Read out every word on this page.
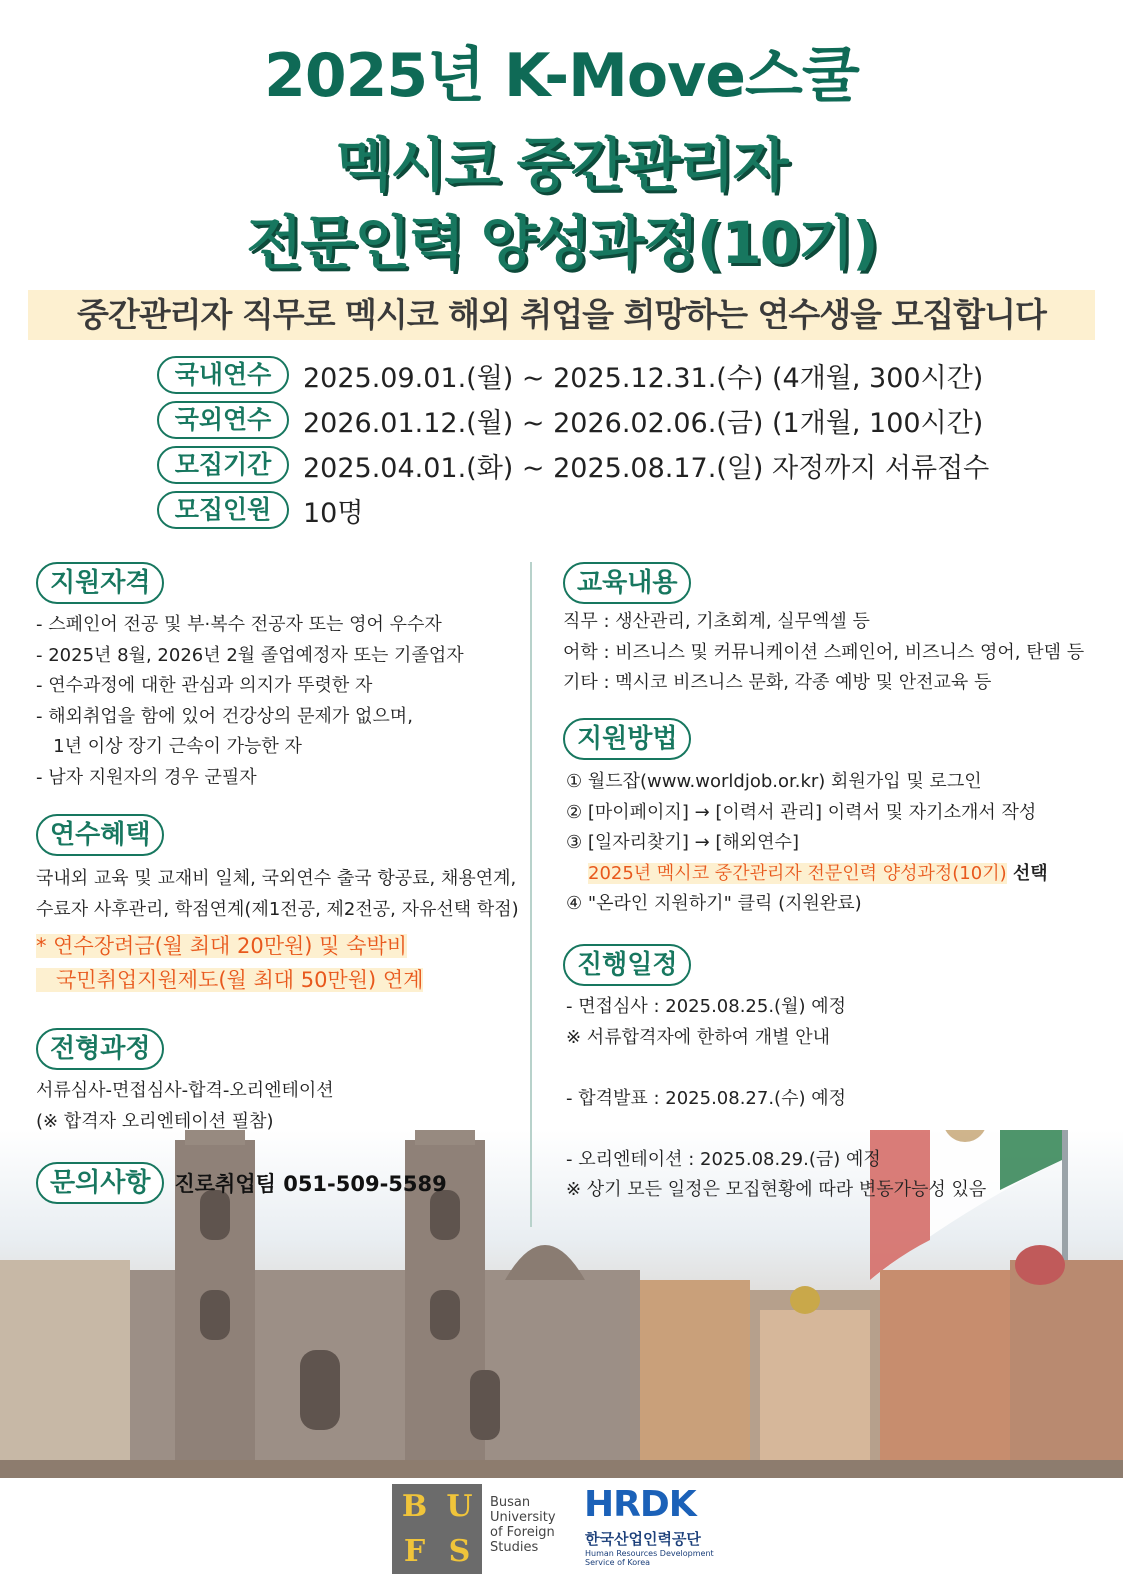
2025년 K-Move스쿨
멕시코 중간관리자
전문인력 양성과정(10기)
중간관리자 직무로 멕시코 해외 취업을 희망하는 연수생을 모집합니다
국내연수	2025.09.01.(월) ~ 2025.12.31.(수) (4개월, 300시간)
국외연수	2026.01.12.(월) ~ 2026.02.06.(금) (1개월, 100시간)
모집기간	2025.04.01.(화) ~ 2025.08.17.(일) 자정까지 서류접수
모집인원	10명
지원자격
- 스페인어 전공 및 부·복수 전공자 또는 영어 우수자
- 2025년 8월, 2026년 2월 졸업예정자 또는 기졸업자
- 연수과정에 대한 관심과 의지가 뚜렷한 자
- 해외취업을 함에 있어 건강상의 문제가 없으며,
1년 이상 장기 근속이 가능한 자
- 남자 지원자의 경우 군필자
연수혜택
국내외 교육 및 교재비 일체, 국외연수 출국 항공료, 채용연계,
수료자 사후관리, 학점연계(제1전공, 제2전공, 자유선택 학점)
* 연수장려금(월 최대 20만원) 및 숙박비
국민취업지원제도(월 최대 50만원) 연계
전형과정
서류심사-면접심사-합격-오리엔테이션
(※ 합격자 오리엔테이션 필참)
문의사항	진로취업팀 051-509-5589
교육내용
직무 : 생산관리, 기초회계, 실무엑셀 등
어학 : 비즈니스 및 커뮤니케이션 스페인어, 비즈니스 영어, 탄뎀 등
기타 : 멕시코 비즈니스 문화, 각종 예방 및 안전교육 등
지원방법
① 월드잡(www.worldjob.or.kr) 회원가입 및 로그인
② [마이페이지] → [이력서 관리] 이력서 및 자기소개서 작성
③ [일자리찾기] → [해외연수]
2025년 멕시코 중간관리자 전문인력 양성과정(10기) 선택
④ "온라인 지원하기" 클릭 (지원완료)
진행일정
- 면접심사 : 2025.08.25.(월) 예정
※ 서류합격자에 한하여 개별 안내
- 합격발표 : 2025.08.27.(수) 예정
- 오리엔테이션 : 2025.08.29.(금) 예정
※ 상기 모든 일정은 모집현황에 따라 변동가능성 있음
B U
F S
Busan
University
of Foreign
Studies
HRDK
한국산업인력공단
Human Resources Development
Service of Korea
